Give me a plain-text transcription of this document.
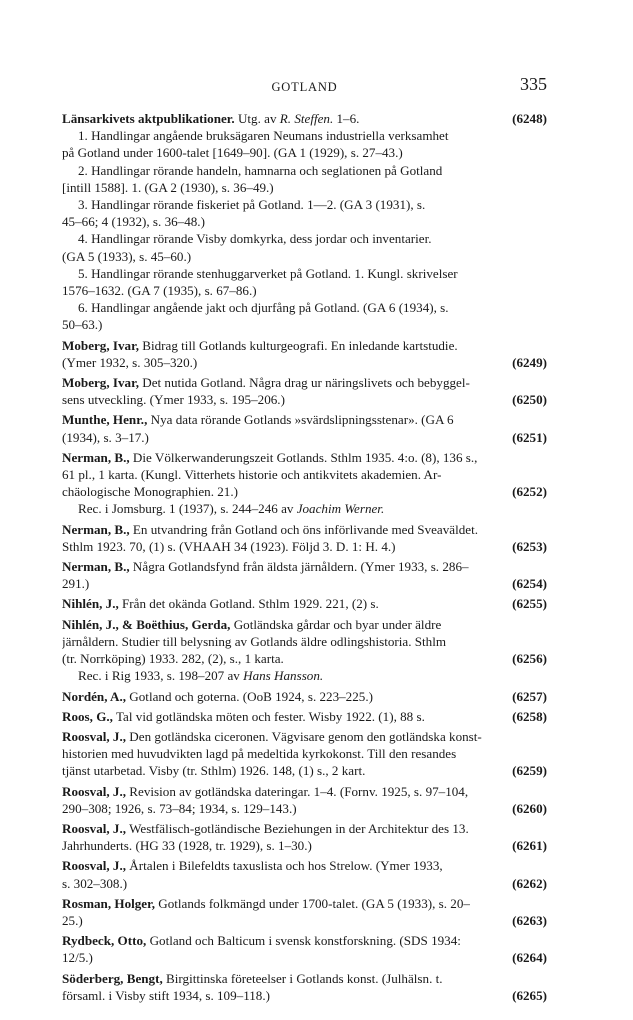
GOTLAND	335
Länsarkivets aktpublikationer. Utg. av R. Steffen. 1–6.	(6248)
1. Handlingar angående bruksägaren Neumans industriella verksamhet
på Gotland under 1600-talet [1649–90]. (GA 1 (1929), s. 27–43.)
2. Handlingar rörande handeln, hamnarna och seglationen på Gotland
[intill 1588]. 1. (GA 2 (1930), s. 36–49.)
3. Handlingar rörande fiskeriet på Gotland. 1—2. (GA 3 (1931), s.
45–66; 4 (1932), s. 36–48.)
4. Handlingar rörande Visby domkyrka, dess jordar och inventarier.
(GA 5 (1933), s. 45–60.)
5. Handlingar rörande stenhuggarverket på Gotland. 1. Kungl. skrivelser
1576–1632. (GA 7 (1935), s. 67–86.)
6. Handlingar angående jakt och djurfång på Gotland. (GA 6 (1934), s.
50–63.)
Moberg, Ivar, Bidrag till Gotlands kulturgeografi. En inledande kartstudie.
(Ymer 1932, s. 305–320.)	(6249)
Moberg, Ivar, Det nutida Gotland. Några drag ur näringslivets och bebyggel-
sens utveckling. (Ymer 1933, s. 195–206.)	(6250)
Munthe, Henr., Nya data rörande Gotlands »svärdslipningsstenar». (GA 6
(1934), s. 3–17.)	(6251)
Nerman, B., Die Völkerwanderungszeit Gotlands. Sthlm 1935. 4:o. (8), 136 s.,
61 pl., 1 karta. (Kungl. Vitterhets historie och antikvitets akademien. Ar-
chäologische Monographien. 21.)	(6252)
Rec. i Jomsburg. 1 (1937), s. 244–246 av Joachim Werner.
Nerman, B., En utvandring från Gotland och öns införlivande med Sveaväldet.
Sthlm 1923. 70, (1) s. (VHAAH 34 (1923). Följd 3. D. 1: H. 4.)	(6253)
Nerman, B., Några Gotlandsfynd från äldsta järnåldern. (Ymer 1933, s. 286–
291.)	(6254)
Nihlén, J., Från det okända Gotland. Sthlm 1929. 221, (2) s.	(6255)
Nihlén, J., & Boëthius, Gerda, Gotländska gårdar och byar under äldre
järnåldern. Studier till belysning av Gotlands äldre odlingshistoria. Sthlm
(tr. Norrköping) 1933. 282, (2), s., 1 karta.	(6256)
Rec. i Rig 1933, s. 198–207 av Hans Hansson.
Nordén, A., Gotland och goterna. (OoB 1924, s. 223–225.)	(6257)
Roos, G., Tal vid gotländska möten och fester. Wisby 1922. (1), 88 s.	(6258)
Roosval, J., Den gotländska ciceronen. Vägvisare genom den gotländska konst-
historien med huvudvikten lagd på medeltida kyrkokonst. Till den resandes
tjänst utarbetad. Visby (tr. Sthlm) 1926. 148, (1) s., 2 kart.	(6259)
Roosval, J., Revision av gotländska dateringar. 1–4. (Fornv. 1925, s. 97–104,
290–308; 1926, s. 73–84; 1934, s. 129–143.)	(6260)
Roosval, J., Westfälisch-gotländische Beziehungen in der Architektur des 13.
Jahrhunderts. (HG 33 (1928, tr. 1929), s. 1–30.)	(6261)
Roosval, J., Årtalen i Bilefeldts taxuslista och hos Strelow. (Ymer 1933,
s. 302–308.)	(6262)
Rosman, Holger, Gotlands folkmängd under 1700-talet. (GA 5 (1933), s. 20–
25.)	(6263)
Rydbeck, Otto, Gotland och Balticum i svensk konstforskning. (SDS 1934:
12/5.)	(6264)
Söderberg, Bengt, Birgittinska företeelser i Gotlands konst. (Julhälsn. t.
församl. i Visby stift 1934, s. 109–118.)	(6265)
